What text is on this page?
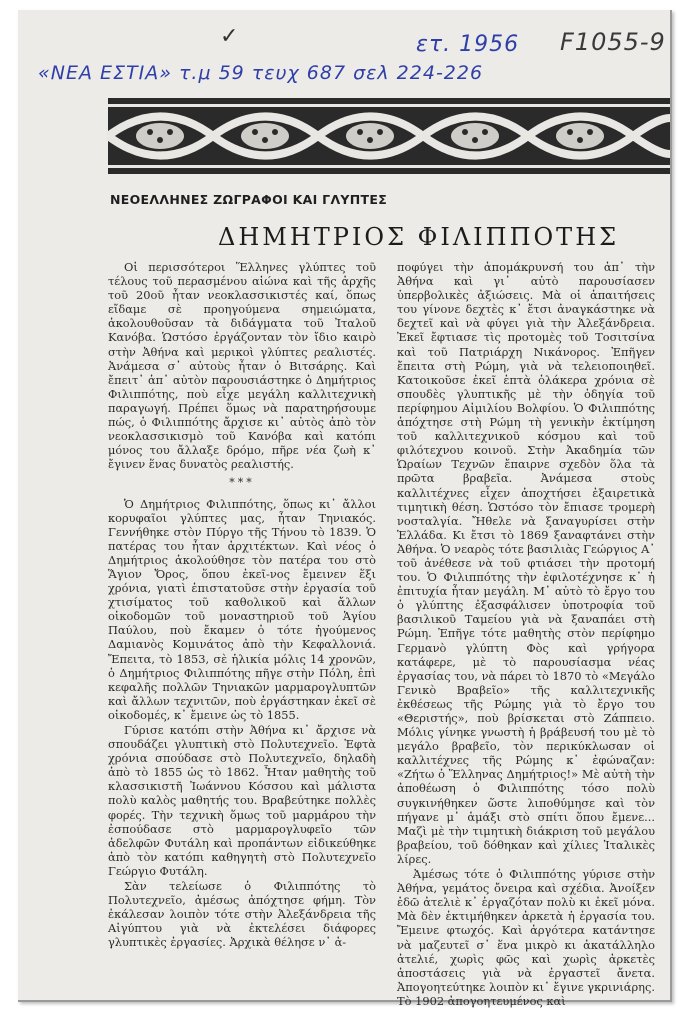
✓	ετ. 1956 F1055-9
«ΝΕΑ ΕΣΤΙΑ» τ.μ 59 τευχ 687 σελ 224-226
ΝΕΟΕΛΛΗΝΕΣ ΖΩΓΡΑΦΟΙ ΚΑΙ ΓΛΥΠΤΕΣ
ΔΗΜΗΤΡΙΟΣ ΦΙΛΙΠΠΟΤΗΣ

Οἱ περισσότεροι Ἕλληνες γλύπτες τοῦ τέλους τοῦ περασμένου αἰώνα καὶ τῆς ἀρχῆς τοῦ 20οῦ ἦταν νεοκλασσικιστές καί, ὅπως εἴδαμε σὲ προηγούμενα σημειώματα, ἀκολουθοῦσαν τὰ διδάγματα τοῦ Ἰταλοῦ Κανόβα. Ὡστόσο ἐργάζονταν τὸν ἴδιο καιρὸ στὴν Ἀθήνα καὶ μερικοὶ γλύπτες ρεαλιστές. Ἀνάμεσα σ᾽ αὐτοὺς ἦταν ὁ Βιτσάρης. Καὶ ἔπειτ᾽ ἀπ᾽ αὐτὸν παρουσιάστηκε ὁ Δημήτριος Φιλιππότης, ποὺ εἶχε μεγάλη καλλιτεχνικὴ παραγωγή. Πρέπει ὅμως νὰ παρατηρήσουμε πώς, ὁ Φιλιππότης ἄρχισε κι᾽ αὐτὸς ἀπὸ τὸν νεοκλασσικισμὸ τοῦ Κανόβα καὶ κατόπι μόνος του ἄλλαξε δρόμο, πῆρε νέα ζωὴ κ᾽ ἔγινεν ἕνας δυνατὸς ρεαλιστής.

***

Ὁ Δημήτριος Φιλιππότης, ὅπως κι᾽ ἄλλοι κορυφαῖοι γλύπτες μας, ἦταν Τηνιακός. Γεννήθηκε στὸν Πύργο τῆς Τήνου τὸ 1839. Ὁ πατέρας του ἦταν ἀρχιτέκτων. Καὶ νέος ὁ Δημήτριος ἀκολούθησε τὸν πατέρα του στὸ Ἅγιον Ὄρος, ὅπου ἐκεῖ-νος ἔμεινεν ἕξι χρόνια, γιατὶ ἐπιστατοῦσε στὴν ἐργασία τοῦ χτισίματος τοῦ καθολικοῦ καὶ ἄλλων οἰκοδομῶν τοῦ μοναστηριοῦ τοῦ Ἁγίου Παύλου, ποὺ ἔκαμεν ὁ τότε ἡγούμενος Δαμιανὸς Κομινάτος ἀπὸ τὴν Κεφαλλονιά. Ἔπειτα, τὸ 1853, σὲ ἡλικία μόλις 14 χρονῶν, ὁ Δημήτριος Φιλιππότης πῆγε στὴν Πόλη, ἐπὶ κεφαλῆς πολλῶν Τηνιακῶν μαρμαρογλυπτῶν καὶ ἄλλων τεχνιτῶν, ποὺ ἐργάστηκαν ἐκεῖ σὲ οἰκοδομές, κ᾽ ἔμεινε ὡς τὸ 1855.

Γύρισε κατόπι στὴν Ἀθήνα κι᾽ ἄρχισε νὰ σπουδάζει γλυπτικὴ στὸ Πολυτεχνεῖο. Ἑφτὰ χρόνια σπούδασε στὸ Πολυτεχνεῖο, δηλαδὴ ἀπὸ τὸ 1855 ὡς τὸ 1862. Ἦταν μαθητὴς τοῦ κλασσικιστῆ Ἰωάννου Κόσσου καὶ μάλιστα πολὺ καλὸς μαθητής του. Βραβεύτηκε πολλὲς φορές. Τὴν τεχνικὴ ὅμως τοῦ μαρμάρου τὴν ἐσπούδασε στὸ μαρμαρογλυφεῖο τῶν ἀδελφῶν Φυτάλη καὶ προπάντων εἰδικεύθηκε ἀπὸ τὸν κατόπι καθηγητὴ στὸ Πολυτεχνεῖο Γεώργιο Φυτάλη.

Σὰν τελείωσε ὁ Φιλιππότης τὸ Πολυτεχνεῖο, ἀμέσως ἀπόχτησε φήμη. Τὸν ἐκάλεσαν λοιπὸν τότε στὴν Ἀλεξάνδρεια τῆς Αἰγύπτου γιὰ νὰ ἐκτελέσει διάφορες γλυπτικὲς ἐργασίες. Ἀρχικὰ θέλησε ν᾽ ἀ-

ποφύγει τὴν ἀπομάκρυνσή του ἀπ᾽ τὴν Ἀθήνα καὶ γι᾽ αὐτὸ παρουσίασεν ὑπερβολικὲς ἀξιώσεις. Μὰ οἱ ἀπαιτήσεις του γίνονε δεχτὲς κ᾽ ἔτσι ἀναγκάστηκε νὰ δεχτεῖ καὶ νὰ φύγει γιὰ τὴν Ἀλεξάνδρεια. Ἐκεῖ ἔφτιασε τὶς προτομὲς τοῦ Τοσιτσίνα καὶ τοῦ Πατριάρχη Νικάνορος. Ἐπῆγεν ἔπειτα στὴ Ρώμη, γιὰ νὰ τελειοποιηθεῖ. Κατοικοῦσε ἐκεῖ ἑπτὰ ὁλάκερα χρόνια σὲ σπουδὲς γλυπτικῆς μὲ τὴν ὁδηγία τοῦ περίφημου Αἰμιλίου Βολφίου. Ὁ Φιλιππότης ἀπόχτησε στὴ Ρώμη τὴ γενικὴν ἐκτίμηση τοῦ καλλιτεχνικοῦ κόσμου καὶ τοῦ φιλότεχνου κοινοῦ. Στὴν Ἀκαδημία τῶν Ὡραίων Τεχνῶν ἔπαιρνε σχεδὸν ὅλα τὰ πρῶτα βραβεῖα. Ἀνάμεσα στοὺς καλλιτέχνες εἶχεν ἀποχτήσει ἐξαιρετικὰ τιμητικὴ θέση. Ὡστόσο τὸν ἔπιασε τρομερὴ νοσταλγία. Ἤθελε νὰ ξαναγυρίσει στὴν Ἑλλάδα. Κι ἔτσι τὸ 1869 ξαναφτάνει στὴν Ἀθήνα. Ὁ νεαρὸς τότε βασιλιὰς Γεώργιος Α᾽ τοῦ ἀνέθεσε νὰ τοῦ φτιάσει τὴν προτομή του. Ὁ Φιλιππότης τὴν ἐφιλοτέχνησε κ᾽ ἡ ἐπιτυχία ἦταν μεγάλη. Μ᾽ αὐτὸ τὸ ἔργο του ὁ γλύπτης ἐξασφάλισεν ὑποτροφία τοῦ βασιλικοῦ Ταμείου γιὰ νὰ ξαναπάει στὴ Ρώμη. Ἐπῆγε τότε μαθητὴς στὸν περίφημο Γερμανὸ γλύπτη Φὸς καὶ γρήγορα κατάφερε, μὲ τὸ παρουσίασμα νέας ἐργασίας του, νὰ πάρει τὸ 1870 τὸ «Μεγάλο Γενικὸ Βραβεῖο» τῆς καλλιτεχνικῆς ἐκθέσεως τῆς Ρώμης γιὰ τὸ ἔργο του «Θεριστής», ποὺ βρίσκεται στὸ Ζάππειο. Μόλις γίνηκε γνωστὴ ἡ βράβευσή του μὲ τὸ μεγάλο βραβεῖο, τὸν περικύκλωσαν οἱ καλλιτέχνες τῆς Ρώμης κ᾽ ἐφώναζαν: «Ζήτω ὁ Ἕλληνας Δημήτριος!» Μὲ αὐτὴ τὴν ἀποθέωση ὁ Φιλιππότης τόσο πολὺ συγκινήθηκεν ὥστε λιποθύμησε καὶ τὸν πήγανε μ᾽ ἁμάξι στὸ σπίτι ὅπου ἔμενε... Μαζὶ μὲ τὴν τιμητικὴ διάκριση τοῦ μεγάλου βραβείου, τοῦ δόθηκαν καὶ χίλιες Ἰταλικὲς λίρες.

Ἀμέσως τότε ὁ Φιλιππότης γύρισε στὴν Ἀθήνα, γεμάτος ὄνειρα καὶ σχέδια. Ἀνοίξεν ἐδῶ ἀτελιὲ κ᾽ ἐργαζόταν πολὺ κι ἐκεῖ μόνα. Μὰ δὲν ἐκτιμήθηκεν ἀρκετὰ ἡ ἐργασία του. Ἔμεινε φτωχός. Καὶ ἀργότερα κατάντησε νὰ μαζευτεῖ σ᾽ ἕνα μικρὸ κι ἀκατάλληλο ἀτελιέ, χωρὶς φῶς καὶ χωρὶς ἀρκετὲς ἀποστάσεις γιὰ νὰ ἐργαστεῖ ἄνετα. Ἀπογοητεύτηκε λοιπὸν κι᾽ ἔγινε γκρινιάρης. Τὸ 1902 ἀπογοητευμένος καὶ
